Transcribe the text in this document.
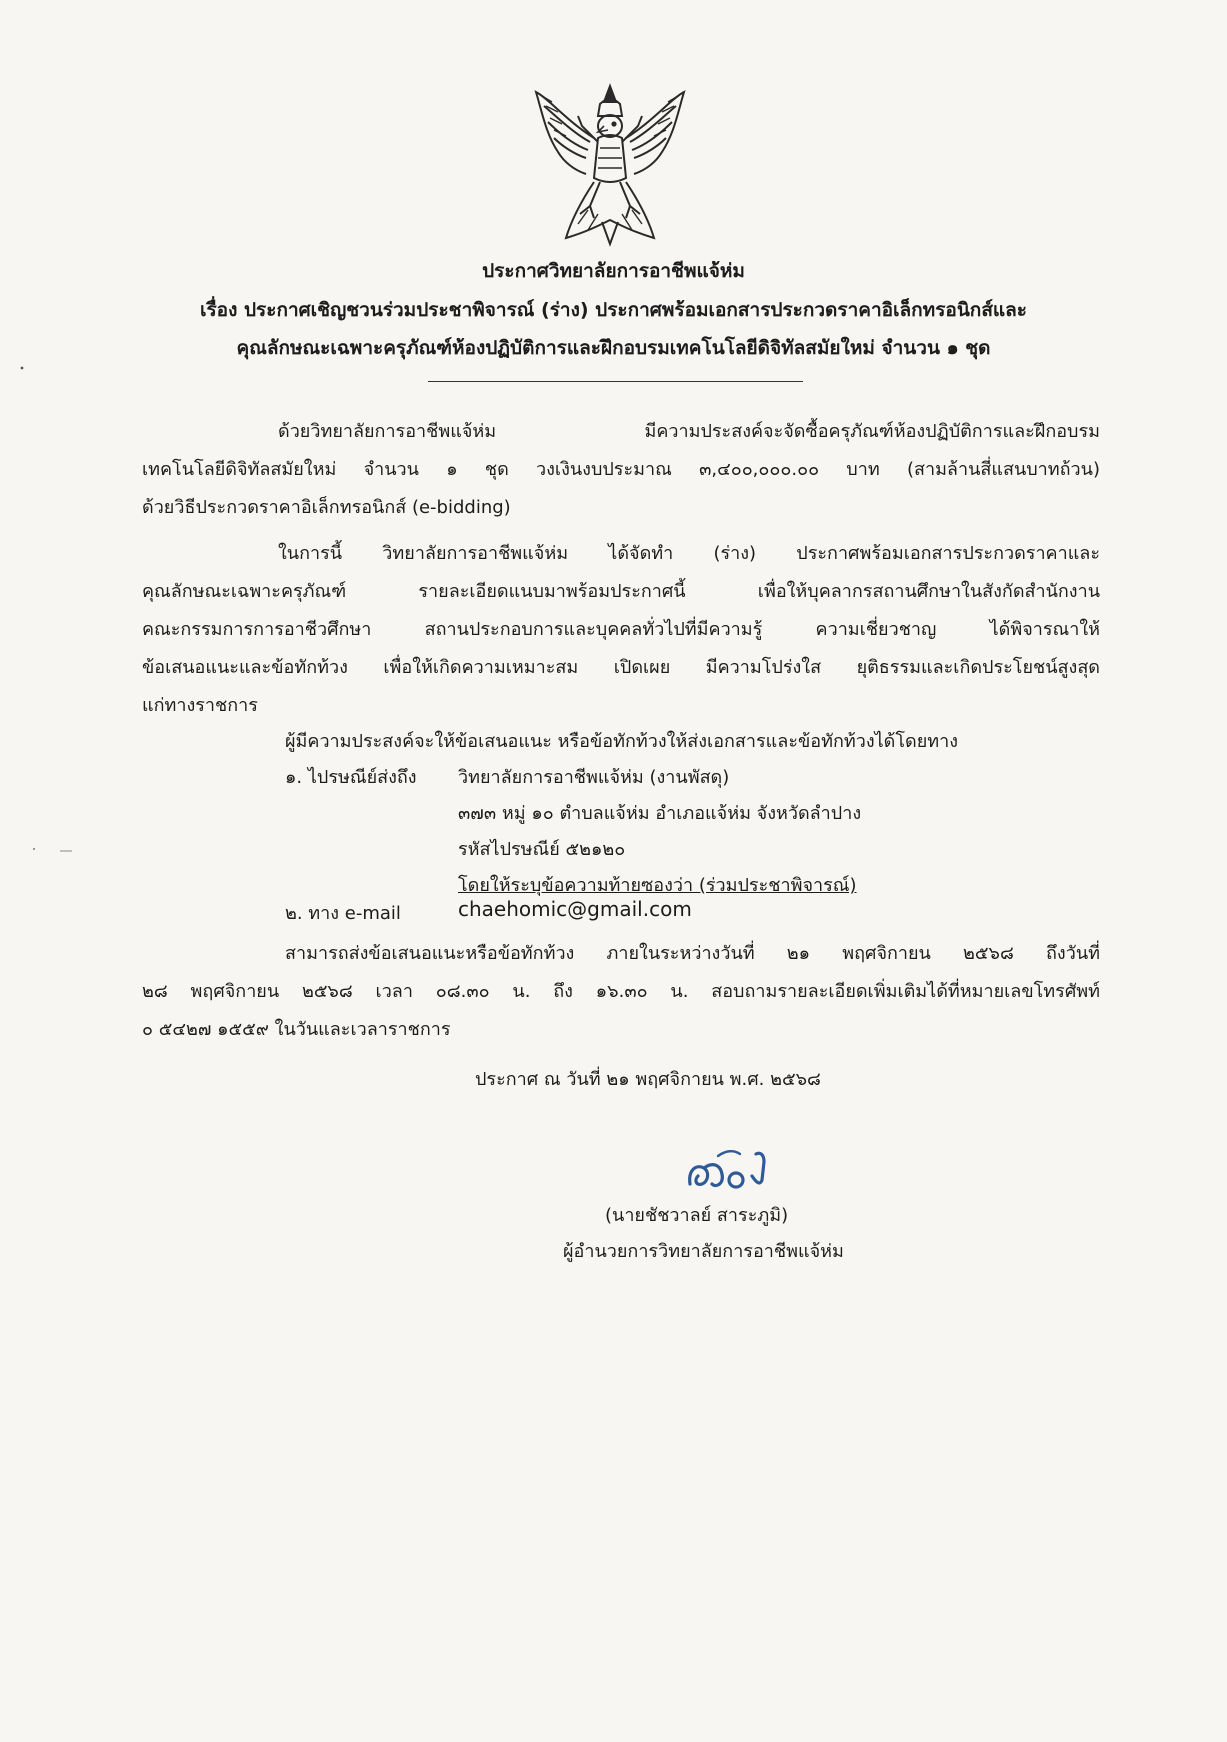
ประกาศวิทยาลัยการอาชีพแจ้ห่ม
เรื่อง ประกาศเชิญชวนร่วมประชาพิจารณ์ (ร่าง) ประกาศพร้อมเอกสารประกวดราคาอิเล็กทรอนิกส์และ
คุณลักษณะเฉพาะครุภัณฑ์ห้องปฏิบัติการและฝึกอบรมเทคโนโลยีดิจิทัลสมัยใหม่ จำนวน ๑ ชุด
ด้วยวิทยาลัยการอาชีพแจ้ห่ม มีความประสงค์จะจัดซื้อครุภัณฑ์ห้องปฏิบัติการและฝึกอบรม
เทคโนโลยีดิจิทัลสมัยใหม่ จำนวน ๑ ชุด วงเงินงบประมาณ ๓,๔๐๐,๐๐๐.๐๐ บาท (สามล้านสี่แสนบาทถ้วน)
ด้วยวิธีประกวดราคาอิเล็กทรอนิกส์ (e-bidding)
ในการนี้ วิทยาลัยการอาชีพแจ้ห่ม ได้จัดทำ (ร่าง) ประกาศพร้อมเอกสารประกวดราคาและ
คุณลักษณะเฉพาะครุภัณฑ์ รายละเอียดแนบมาพร้อมประกาศนี้ เพื่อให้บุคลากรสถานศึกษาในสังกัดสำนักงาน
คณะกรรมการการอาชีวศึกษา สถานประกอบการและบุคคลทั่วไปที่มีความรู้ ความเชี่ยวชาญ ได้พิจารณาให้
ข้อเสนอแนะและข้อทักท้วง เพื่อให้เกิดความเหมาะสม เปิดเผย มีความโปร่งใส ยุติธรรมและเกิดประโยชน์สูงสุด
แก่ทางราชการ
ผู้มีความประสงค์จะให้ข้อเสนอแนะ หรือข้อทักท้วงให้ส่งเอกสารและข้อทักท้วงได้โดยทาง
๑. ไปรษณีย์ส่งถึง วิทยาลัยการอาชีพแจ้ห่ม (งานพัสดุ)
๓๗๓ หมู่ ๑๐ ตำบลแจ้ห่ม อำเภอแจ้ห่ม จังหวัดลำปาง
รหัสไปรษณีย์ ๕๒๑๒๐
โดยให้ระบุข้อความท้ายซองว่า (ร่วมประชาพิจารณ์)
๒. ทาง e-mail	chaehomic@gmail.com
สามารถส่งข้อเสนอแนะหรือข้อทักท้วง ภายในระหว่างวันที่ ๒๑ พฤศจิกายน ๒๕๖๘ ถึงวันที่
๒๘ พฤศจิกายน ๒๕๖๘ เวลา ๐๘.๓๐ น. ถึง ๑๖.๓๐ น. สอบถามรายละเอียดเพิ่มเติมได้ที่หมายเลขโทรศัพท์
๐ ๕๔๒๗ ๑๕๕๙ ในวันและเวลาราชการ
ประกาศ ณ วันที่ ๒๑ พฤศจิกายน พ.ศ. ๒๕๖๘
(นายชัชวาลย์ สาระภูมิ)
ผู้อำนวยการวิทยาลัยการอาชีพแจ้ห่ม
